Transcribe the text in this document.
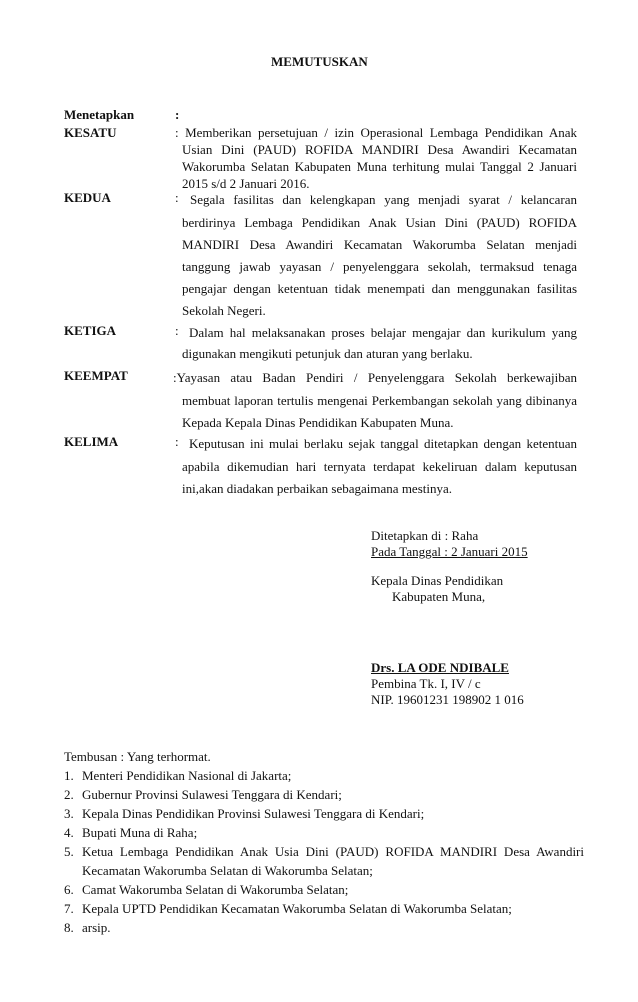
MEMUTUSKAN
Menetapkan	:
KESATU	: Memberikan persetujuan / izin Operasional Lembaga Pendidikan Anak
Usian Dini (PAUD) ROFIDA MANDIRI Desa Awandiri Kecamatan
Wakorumba Selatan Kabupaten Muna terhitung mulai Tanggal 2 Januari
2015 s/d 2 Januari 2016.
KEDUA	: Segala fasilitas dan kelengkapan yang menjadi syarat / kelancaran
berdirinya Lembaga Pendidikan Anak Usian Dini (PAUD) ROFIDA
MANDIRI Desa Awandiri Kecamatan Wakorumba Selatan menjadi
tanggung jawab yayasan / penyelenggara sekolah, termaksud tenaga
pengajar dengan ketentuan tidak menempati dan menggunakan fasilitas
Sekolah Negeri.
KETIGA	: Dalam hal melaksanakan proses belajar mengajar dan kurikulum yang
digunakan mengikuti petunjuk dan aturan yang berlaku.
KEEMPAT	:Yayasan atau Badan Pendiri / Penyelenggara Sekolah berkewajiban
membuat laporan tertulis mengenai Perkembangan sekolah yang dibinanya
Kepada Kepala Dinas Pendidikan Kabupaten Muna.
KELIMA	: Keputusan ini mulai berlaku sejak tanggal ditetapkan dengan ketentuan
apabila dikemudian hari ternyata terdapat kekeliruan dalam keputusan
ini,akan diadakan perbaikan sebagaimana mestinya.
Ditetapkan di : Raha
Pada Tanggal : 2 Januari 2015
Kepala Dinas Pendidikan
Kabupaten Muna,
Drs. LA ODE NDIBALE
Pembina Tk. I, IV / c
NIP. 19601231 198902 1 016
Tembusan : Yang terhormat.
1. Menteri Pendidikan Nasional di Jakarta;
2. Gubernur Provinsi Sulawesi Tenggara di Kendari;
3. Kepala Dinas Pendidikan Provinsi Sulawesi Tenggara di Kendari;
4. Bupati Muna di Raha;
5. Ketua Lembaga Pendidikan Anak Usia Dini (PAUD) ROFIDA MANDIRI Desa Awandiri
Kecamatan Wakorumba Selatan di Wakorumba Selatan;
6. Camat Wakorumba Selatan di Wakorumba Selatan;
7. Kepala UPTD Pendidikan Kecamatan Wakorumba Selatan di Wakorumba Selatan;
8. arsip.
